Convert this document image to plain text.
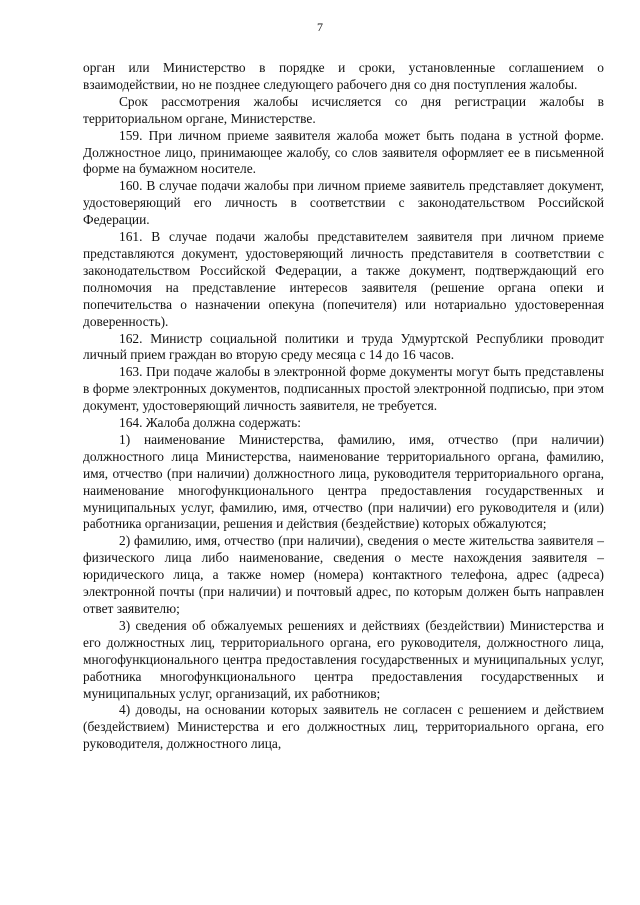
7

орган или Министерство в порядке и сроки, установленные соглашением о взаимодействии, но не позднее следующего рабочего дня со дня поступления жалобы.

Срок рассмотрения жалобы исчисляется со дня регистрации жалобы в территориальном органе, Министерстве.

159. При личном приеме заявителя жалоба может быть подана в устной форме. Должностное лицо, принимающее жалобу, со слов заявителя оформляет ее в письменной форме на бумажном носителе.

160. В случае подачи жалобы при личном приеме заявитель представляет документ, удостоверяющий его личность в соответствии с законодательством Российской Федерации.

161. В случае подачи жалобы представителем заявителя при личном приеме представляются документ, удостоверяющий личность представителя в соответствии с законодательством Российской Федерации, а также документ, подтверждающий его полномочия на представление интересов заявителя (решение органа опеки и попечительства о назначении опекуна (попечителя) или нотариально удостоверенная доверенность).

162. Министр социальной политики и труда Удмуртской Республики проводит личный прием граждан во вторую среду месяца с 14 до 16 часов.

163. При подаче жалобы в электронной форме документы могут быть представлены в форме электронных документов, подписанных простой электронной подписью, при этом документ, удостоверяющий личность заявителя, не требуется.

164. Жалоба должна содержать:

1) наименование Министерства, фамилию, имя, отчество (при наличии) должностного лица Министерства, наименование территориального органа, фамилию, имя, отчество (при наличии) должностного лица, руководителя территориального органа, наименование многофункционального центра предоставления государственных и муниципальных услуг, фамилию, имя, отчество (при наличии) его руководителя и (или) работника организации, решения и действия (бездействие) которых обжалуются;

2) фамилию, имя, отчество (при наличии), сведения о месте жительства заявителя – физического лица либо наименование, сведения о месте нахождения заявителя – юридического лица, а также номер (номера) контактного телефона, адрес (адреса) электронной почты (при наличии) и почтовый адрес, по которым должен быть направлен ответ заявителю;

3) сведения об обжалуемых решениях и действиях (бездействии) Министерства и его должностных лиц, территориального органа, его руководителя, должностного лица, многофункционального центра предоставления государственных и муниципальных услуг, работника многофункционального центра предоставления государственных и муниципальных услуг, организаций, их работников;

4) доводы, на основании которых заявитель не согласен с решением и действием (бездействием) Министерства и его должностных лиц, территориального органа, его руководителя, должностного лица,
